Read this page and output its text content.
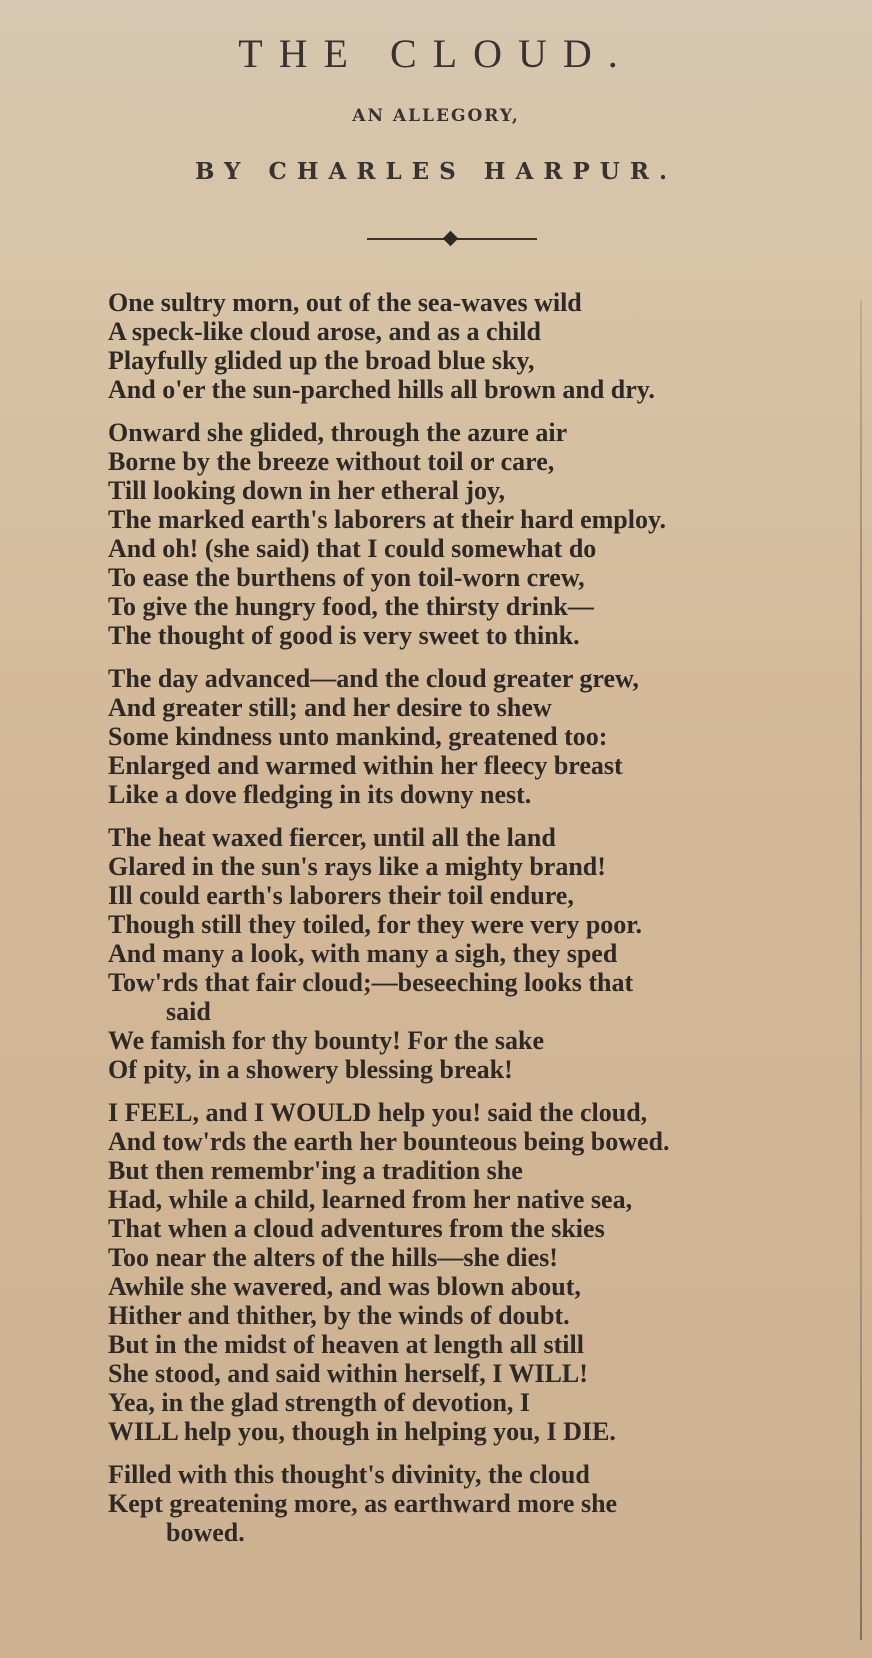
THE CLOUD.
AN ALLEGORY,
BY CHARLES HARPUR.
One sultry morn, out of the sea-waves wild
A speck-like cloud arose, and as a child
Playfully glided up the broad blue sky,
And o'er the sun-parched hills all brown and dry.
Onward she glided, through the azure air
Borne by the breeze without toil or care,
Till looking down in her etheral joy,
The marked earth's laborers at their hard employ.
And oh! (she said) that I could somewhat do
To ease the burthens of yon toil-worn crew,
To give the hungry food, the thirsty drink—
The thought of good is very sweet to think.
The day advanced—and the cloud greater grew,
And greater still; and her desire to shew
Some kindness unto mankind, greatened too:
Enlarged and warmed within her fleecy breast
Like a dove fledging in its downy nest.
The heat waxed fiercer, until all the land
Glared in the sun's rays like a mighty brand!
Ill could earth's laborers their toil endure,
Though still they toiled, for they were very poor.
And many a look, with many a sigh, they sped
Tow'rds that fair cloud;—beseeching looks that
said
We famish for thy bounty! For the sake
Of pity, in a showery blessing break!
I FEEL, and I WOULD help you! said the cloud,
And tow'rds the earth her bounteous being bowed.
But then remembr'ing a tradition she
Had, while a child, learned from her native sea,
That when a cloud adventures from the skies
Too near the alters of the hills—she dies!
Awhile she wavered, and was blown about,
Hither and thither, by the winds of doubt.
But in the midst of heaven at length all still
She stood, and said within herself, I WILL!
Yea, in the glad strength of devotion, I
WILL help you, though in helping you, I DIE.
Filled with this thought's divinity, the cloud
Kept greatening more, as earthward more she
bowed.
